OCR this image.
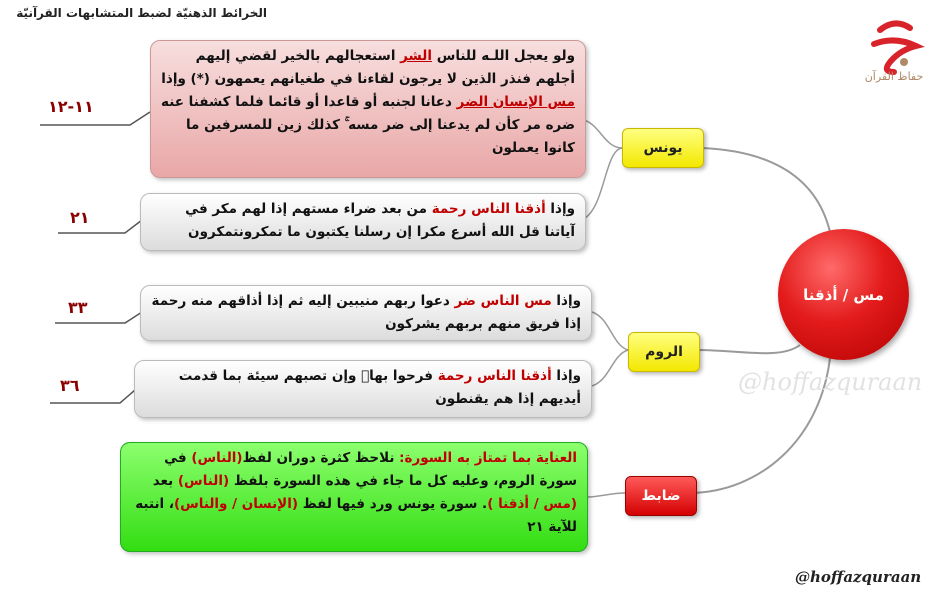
الخرائط الذهنيّة لضبط المتشابهات القرآنيّة
حفاظ القرآن
مس / أذقنا
يونس
الروم
ضابط
ولو يعجل اللـه للناس الشر استعجالهم بالخير لقضي إليهم أجلهم فنذر الذين لا يرجون لقاءنا في طغيانهم يعمهون (*) وإذا مس الإنسان الضر دعانا لجنبه أو قاعدا أو قائما فلما كشفنا عنه ضره مر كأن لم يدعنا إلى ضر مسه ۚ كذلك زين للمسرفين ما كانوا يعملون
١١-١٢
وإذا أذقنا الناس رحمة من بعد ضراء مستهم إذا لهم مكر في آياتنا قل الله أسرع مكرا إن رسلنا يكتبون ما تمكرونتمكرون
٢١
وإذا مس الناس ضر دعوا ربهم منيبين إليه ثم إذا أذاقهم منه رحمة إذا فريق منهم بربهم يشركون
٣٣
وإذا أذقنا الناس رحمة فرحوا بهاۖ وإن تصبهم سيئة بما قدمت أيديهم إذا هم يقنطون
٣٦
العناية بما تمتاز به السورة: نلاحظ كثرة دوران لفظ(الناس) في سورة الروم، وعليه كل ما جاء في هذه السورة بلفظ (الناس) بعد (مس / أذقنا ). سورة يونس ورد فيها لفظ (الإنسان / والناس)، انتبه للآية ٢١
@hoffazquraan
@hoffazquraan
